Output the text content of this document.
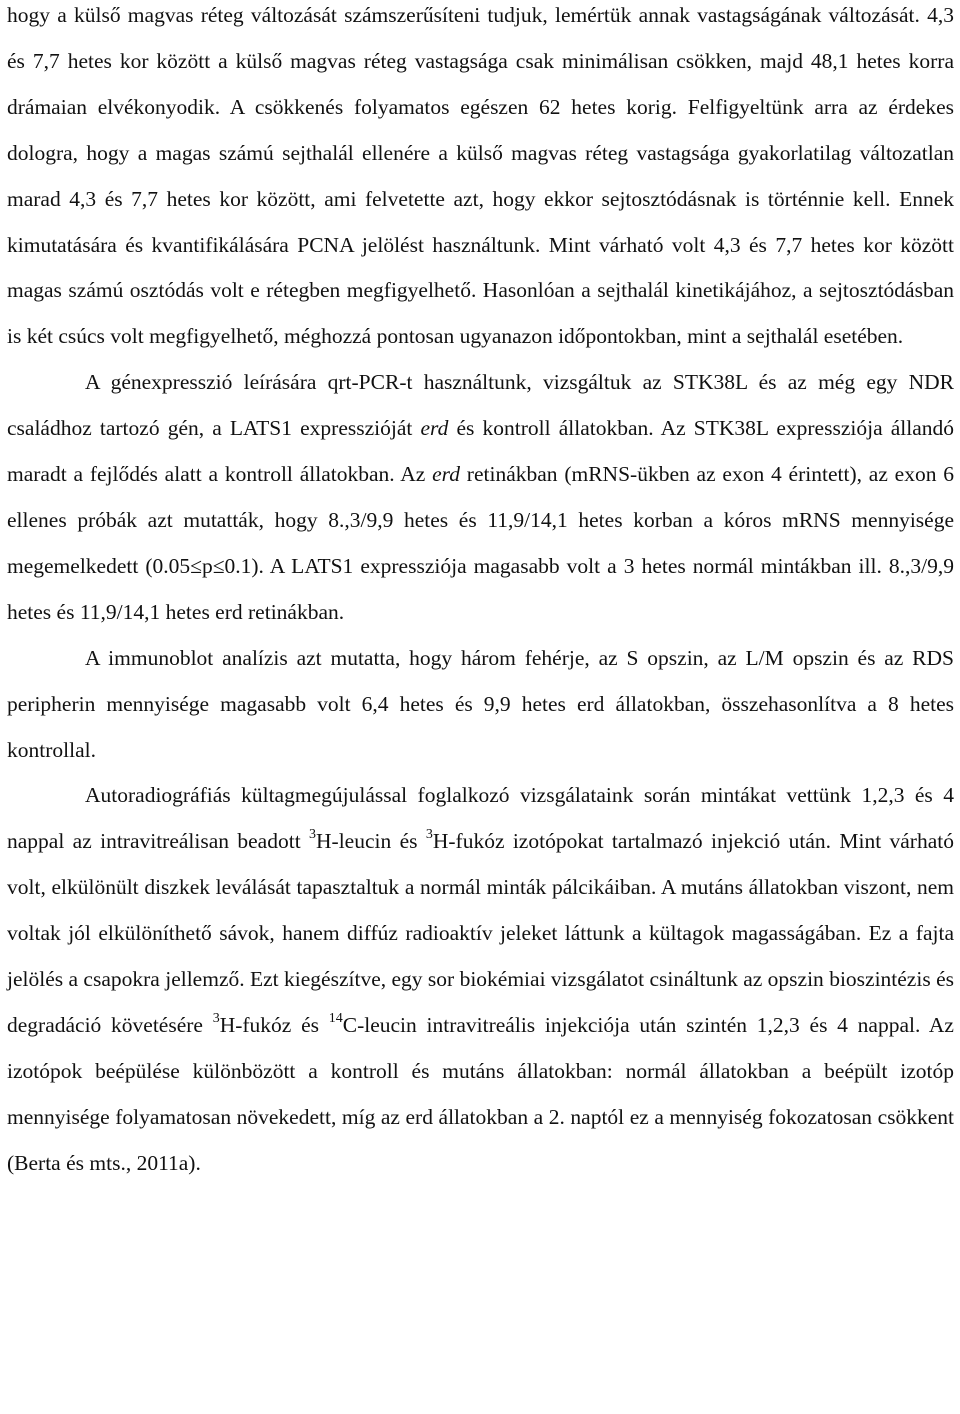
hogy a külső magvas réteg változását számszerűsíteni tudjuk, lemértük annak vastagságának változását. 4,3 és 7,7 hetes kor között a külső magvas réteg vastagsága csak minimálisan csökken, majd 48,1 hetes korra drámaian elvékonyodik. A csökkenés folyamatos egészen 62 hetes korig. Felfigyeltünk arra az érdekes dologra, hogy a magas számú sejthalál ellenére a külső magvas réteg vastagsága gyakorlatilag változatlan marad 4,3 és 7,7 hetes kor között, ami felvetette azt, hogy ekkor sejtosztódásnak is történnie kell. Ennek kimutatására és kvantifikálására PCNA jelölést használtunk. Mint várható volt 4,3 és 7,7 hetes kor között magas számú osztódás volt e rétegben megfigyelhető. Hasonlóan a sejthalál kinetikájához, a sejtosztódásban is két csúcs volt megfigyelhető, méghozzá pontosan ugyanazon időpontokban, mint a sejthalál esetében.

A génexpresszió leírására qrt-PCR-t használtunk, vizsgáltuk az STK38L és az még egy NDR családhoz tartozó gén, a LATS1 expresszióját erd és kontroll állatokban. Az STK38L expressziója állandó maradt a fejlődés alatt a kontroll állatokban. Az erd retinákban (mRNS-ükben az exon 4 érintett), az exon 6 ellenes próbák azt mutatták, hogy 8.,3/9,9 hetes és 11,9/14,1 hetes korban a kóros mRNS mennyisége megemelkedett (0.05≤p≤0.1). A LATS1 expressziója magasabb volt a 3 hetes normál mintákban ill. 8.,3/9,9 hetes és 11,9/14,1 hetes erd retinákban.

A immunoblot analízis azt mutatta, hogy három fehérje, az S opszin, az L/M opszin és az RDS peripherin mennyisége magasabb volt 6,4 hetes és 9,9 hetes erd állatokban, összehasonlítva a 8 hetes kontrollal.

Autoradiográfiás kültagmegújulással foglalkozó vizsgálataink során mintákat vettünk 1,2,3 és 4 nappal az intravitreálisan beadott $^3$H-leucin és $^3$H-fukóz izotópokat tartalmazó injekció után. Mint várható volt, elkülönült diszkek leválását tapasztaltuk a normál minták pálcikáiban. A mutáns állatokban viszont, nem voltak jól elkülöníthető sávok, hanem diffúz radioaktív jeleket láttunk a kültagok magasságában. Ez a fajta jelölés a csapokra jellemző. Ezt kiegészítve, egy sor biokémiai vizsgálatot csináltunk az opszin bioszintézis és degradáció követésére $^3$H-fukóz és $^{14}$C-leucin intravitreális injekciója után szintén 1,2,3 és 4 nappal. Az izotópok beépülése különbözött a kontroll és mutáns állatokban: normál állatokban a beépült izotóp mennyisége folyamatosan növekedett, míg az erd állatokban a 2. naptól ez a mennyiség fokozatosan csökkent (Berta és mts., 2011a).
